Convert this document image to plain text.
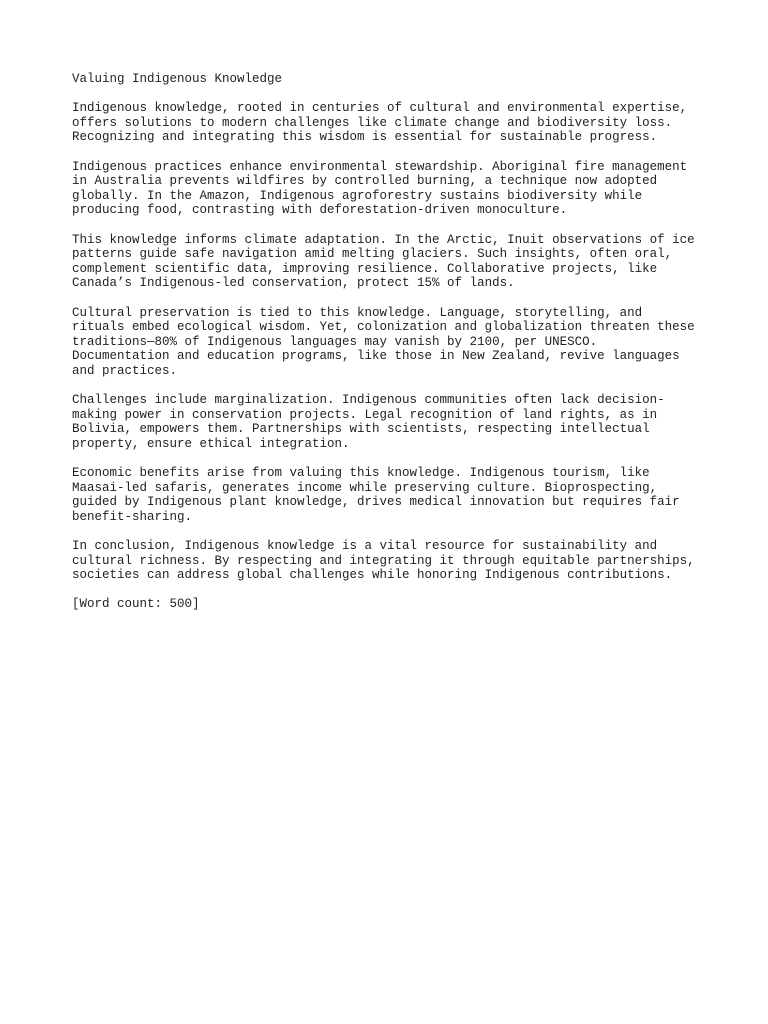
Valuing Indigenous Knowledge
Indigenous knowledge, rooted in centuries of cultural and environmental expertise,
offers solutions to modern challenges like climate change and biodiversity loss.
Recognizing and integrating this wisdom is essential for sustainable progress.
Indigenous practices enhance environmental stewardship. Aboriginal fire management
in Australia prevents wildfires by controlled burning, a technique now adopted
globally. In the Amazon, Indigenous agroforestry sustains biodiversity while
producing food, contrasting with deforestation-driven monoculture.
This knowledge informs climate adaptation. In the Arctic, Inuit observations of ice
patterns guide safe navigation amid melting glaciers. Such insights, often oral,
complement scientific data, improving resilience. Collaborative projects, like
Canada’s Indigenous-led conservation, protect 15% of lands.
Cultural preservation is tied to this knowledge. Language, storytelling, and
rituals embed ecological wisdom. Yet, colonization and globalization threaten these
traditions—80% of Indigenous languages may vanish by 2100, per UNESCO.
Documentation and education programs, like those in New Zealand, revive languages
and practices.
Challenges include marginalization. Indigenous communities often lack decision-
making power in conservation projects. Legal recognition of land rights, as in
Bolivia, empowers them. Partnerships with scientists, respecting intellectual
property, ensure ethical integration.
Economic benefits arise from valuing this knowledge. Indigenous tourism, like
Maasai-led safaris, generates income while preserving culture. Bioprospecting,
guided by Indigenous plant knowledge, drives medical innovation but requires fair
benefit-sharing.
In conclusion, Indigenous knowledge is a vital resource for sustainability and
cultural richness. By respecting and integrating it through equitable partnerships,
societies can address global challenges while honoring Indigenous contributions.
[Word count: 500]
